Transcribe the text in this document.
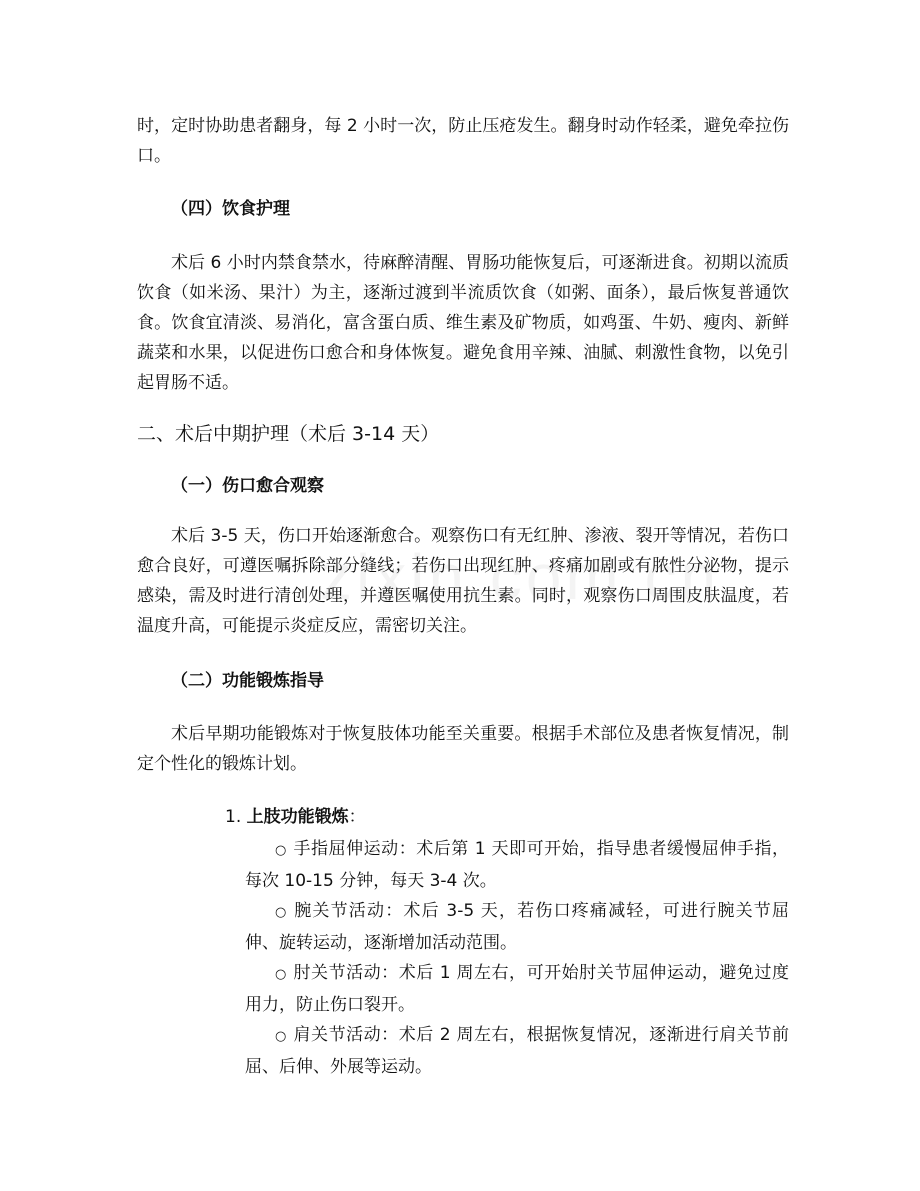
时，定时协助患者翻身，每 2 小时一次，防止压疮发生。翻身时动作轻柔，避免牵拉伤口。
（四）饮食护理
术后 6 小时内禁食禁水，待麻醉清醒、胃肠功能恢复后，可逐渐进食。初期以流质饮食（如米汤、果汁）为主，逐渐过渡到半流质饮食（如粥、面条），最后恢复普通饮食。饮食宜清淡、易消化，富含蛋白质、维生素及矿物质，如鸡蛋、牛奶、瘦肉、新鲜蔬菜和水果，以促进伤口愈合和身体恢复。避免食用辛辣、油腻、刺激性食物，以免引起胃肠不适。
二、术后中期护理（术后 3-14 天）
（一）伤口愈合观察
术后 3-5 天，伤口开始逐渐愈合。观察伤口有无红肿、渗液、裂开等情况，若伤口愈合良好，可遵医嘱拆除部分缝线；若伤口出现红肿、疼痛加剧或有脓性分泌物，提示感染，需及时进行清创处理，并遵医嘱使用抗生素。同时，观察伤口周围皮肤温度，若温度升高，可能提示炎症反应，需密切关注。
（二）功能锻炼指导
术后早期功能锻炼对于恢复肢体功能至关重要。根据手术部位及患者恢复情况，制定个性化的锻炼计划。
1. 上肢功能锻炼：
○ 手指屈伸运动：术后第 1 天即可开始，指导患者缓慢屈伸手指，每次 10-15 分钟，每天 3-4 次。
○ 腕关节活动：术后 3-5 天，若伤口疼痛减轻，可进行腕关节屈伸、旋转运动，逐渐增加活动范围。
○ 肘关节活动：术后 1 周左右，可开始肘关节屈伸运动，避免过度用力，防止伤口裂开。
○ 肩关节活动：术后 2 周左右，根据恢复情况，逐渐进行肩关节前屈、后伸、外展等运动。
